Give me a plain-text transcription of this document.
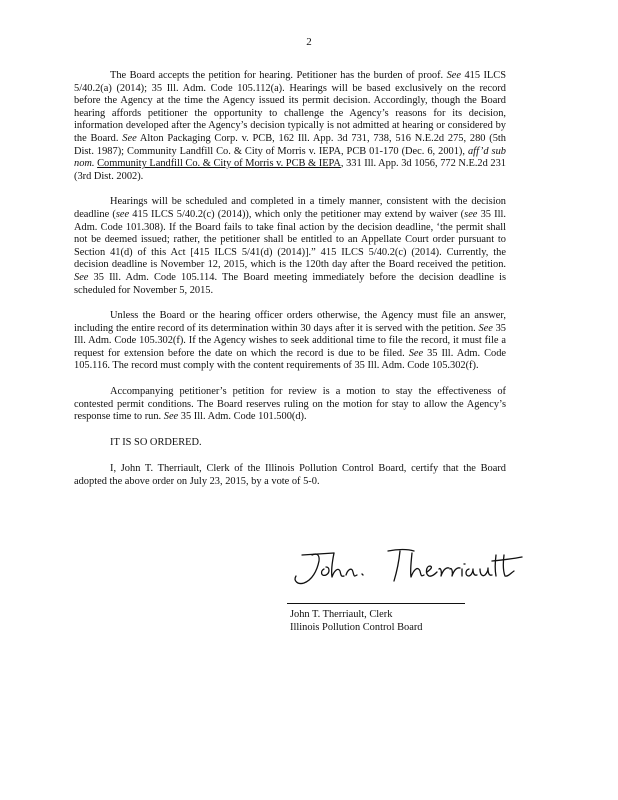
2

The Board accepts the petition for hearing. Petitioner has the burden of proof. See 415 ILCS 5/40.2(a) (2014); 35 Ill. Adm. Code 105.112(a). Hearings will be based exclusively on the record before the Agency at the time the Agency issued its permit decision. Accordingly, though the Board hearing affords petitioner the opportunity to challenge the Agency’s reasons for its decision, information developed after the Agency’s decision typically is not admitted at hearing or considered by the Board. See Alton Packaging Corp. v. PCB, 162 Ill. App. 3d 731, 738, 516 N.E.2d 275, 280 (5th Dist. 1987); Community Landfill Co. & City of Morris v. IEPA, PCB 01-170 (Dec. 6, 2001), aff’d sub nom. Community Landfill Co. & City of Morris v. PCB & IEPA, 331 Ill. App. 3d 1056, 772 N.E.2d 231 (3rd Dist. 2002).

Hearings will be scheduled and completed in a timely manner, consistent with the decision deadline (see 415 ILCS 5/40.2(c) (2014)), which only the petitioner may extend by waiver (see 35 Ill. Adm. Code 101.308). If the Board fails to take final action by the decision deadline, ‘the permit shall not be deemed issued; rather, the petitioner shall be entitled to an Appellate Court order pursuant to Section 41(d) of this Act [415 ILCS 5/41(d) (2014)].” 415 ILCS 5/40.2(c) (2014). Currently, the decision deadline is November 12, 2015, which is the 120th day after the Board received the petition. See 35 Ill. Adm. Code 105.114. The Board meeting immediately before the decision deadline is scheduled for November 5, 2015.

Unless the Board or the hearing officer orders otherwise, the Agency must file an answer, including the entire record of its determination within 30 days after it is served with the petition. See 35 Ill. Adm. Code 105.302(f). If the Agency wishes to seek additional time to file the record, it must file a request for extension before the date on which the record is due to be filed. See 35 Ill. Adm. Code 105.116. The record must comply with the content requirements of 35 Ill. Adm. Code 105.302(f).

Accompanying petitioner’s petition for review is a motion to stay the effectiveness of contested permit conditions. The Board reserves ruling on the motion for stay to allow the Agency’s response time to run. See 35 Ill. Adm. Code 101.500(d).

IT IS SO ORDERED.

I, John T. Therriault, Clerk of the Illinois Pollution Control Board, certify that the Board adopted the above order on July 23, 2015, by a vote of 5-0.

John T. Therriault, Clerk
Illinois Pollution Control Board
